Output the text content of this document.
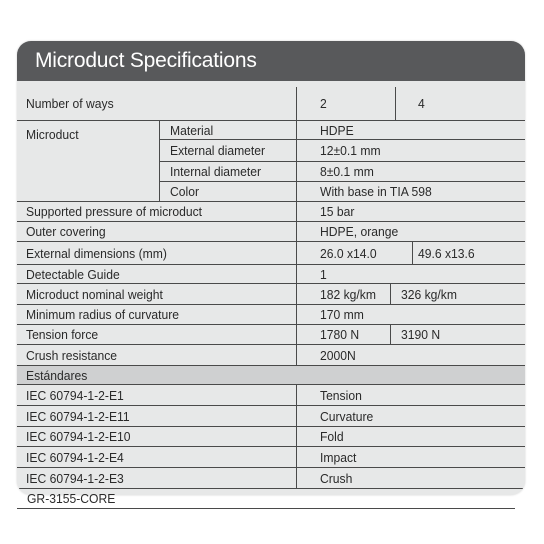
Microduct Specifications
Number of ways	2	4
Microduct	Material	HDPE
External diameter	12±0.1 mm
Internal diameter	8±0.1 mm
Color	With base in TIA 598
Supported pressure of microduct	15 bar
Outer covering	HDPE, orange
External dimensions (mm)	26.0 x14.0	49.6 x13.6
Detectable Guide	1
Microduct nominal weight	182 kg/km 326 kg/km
Minimum radius of curvature	170 mm
Tension force	1780 N	3190 N
Crush resistance	2000N
Estándares
IEC 60794-1-2-E1	Tension
IEC 60794-1-2-E11	Curvature
IEC 60794-1-2-E10	Fold
IEC 60794-1-2-E4	Impact
IEC 60794-1-2-E3	Crush
GR-3155-CORE
